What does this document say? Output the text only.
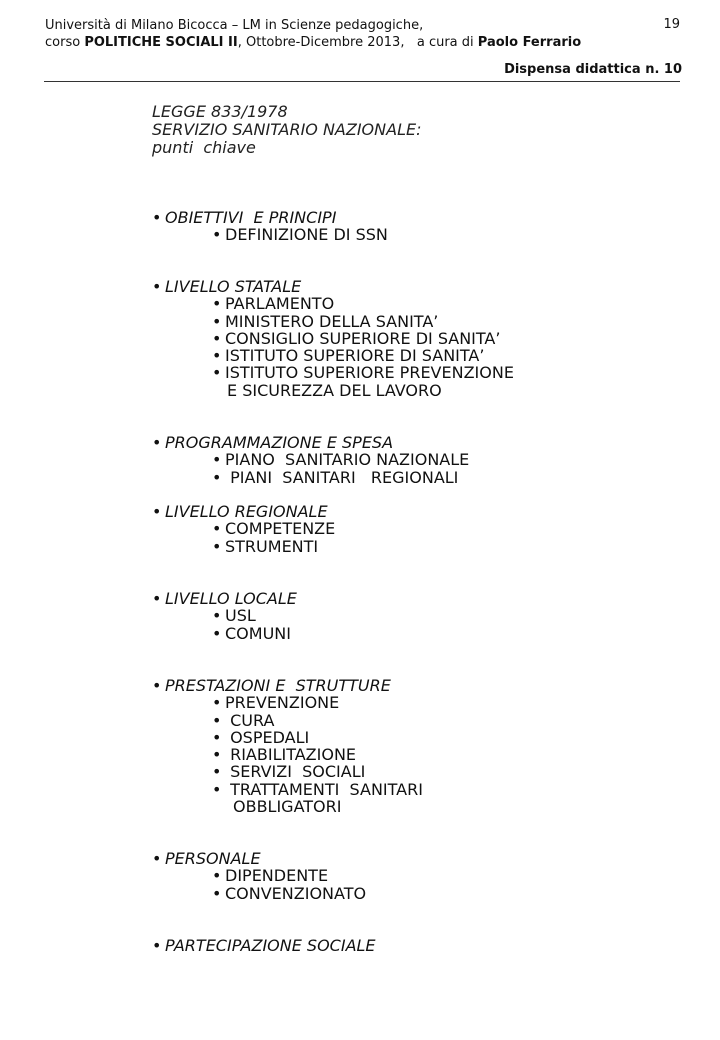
Università di Milano Bicocca – LM in Scienze pedagogiche,
corso POLITICHE SOCIALI II, Ottobre-Dicembre 2013,   a cura di Paolo Ferrario
19
Dispensa didattica n. 10
LEGGE 833/1978
SERVIZIO SANITARIO NAZIONALE:
punti  chiave
• OBIETTIVI  E PRINCIPI
• DEFINIZIONE DI SSN
• LIVELLO STATALE
• PARLAMENTO
• MINISTERO DELLA SANITA’
• CONSIGLIO SUPERIORE DI SANITA’
• ISTITUTO SUPERIORE DI SANITA’
• ISTITUTO SUPERIORE PREVENZIONE
E SICUREZZA DEL LAVORO
• PROGRAMMAZIONE E SPESA
• PIANO  SANITARIO NAZIONALE
• PIANI  SANITARI   REGIONALI
• LIVELLO REGIONALE
• COMPETENZE
• STRUMENTI
• LIVELLO LOCALE
• USL
• COMUNI
• PRESTAZIONI E  STRUTTURE
• PREVENZIONE
• CURA
• OSPEDALI
• RIABILITAZIONE
• SERVIZI  SOCIALI
• TRATTAMENTI  SANITARI
OBBLIGATORI
• PERSONALE
• DIPENDENTE
• CONVENZIONATO
• PARTECIPAZIONE SOCIALE
